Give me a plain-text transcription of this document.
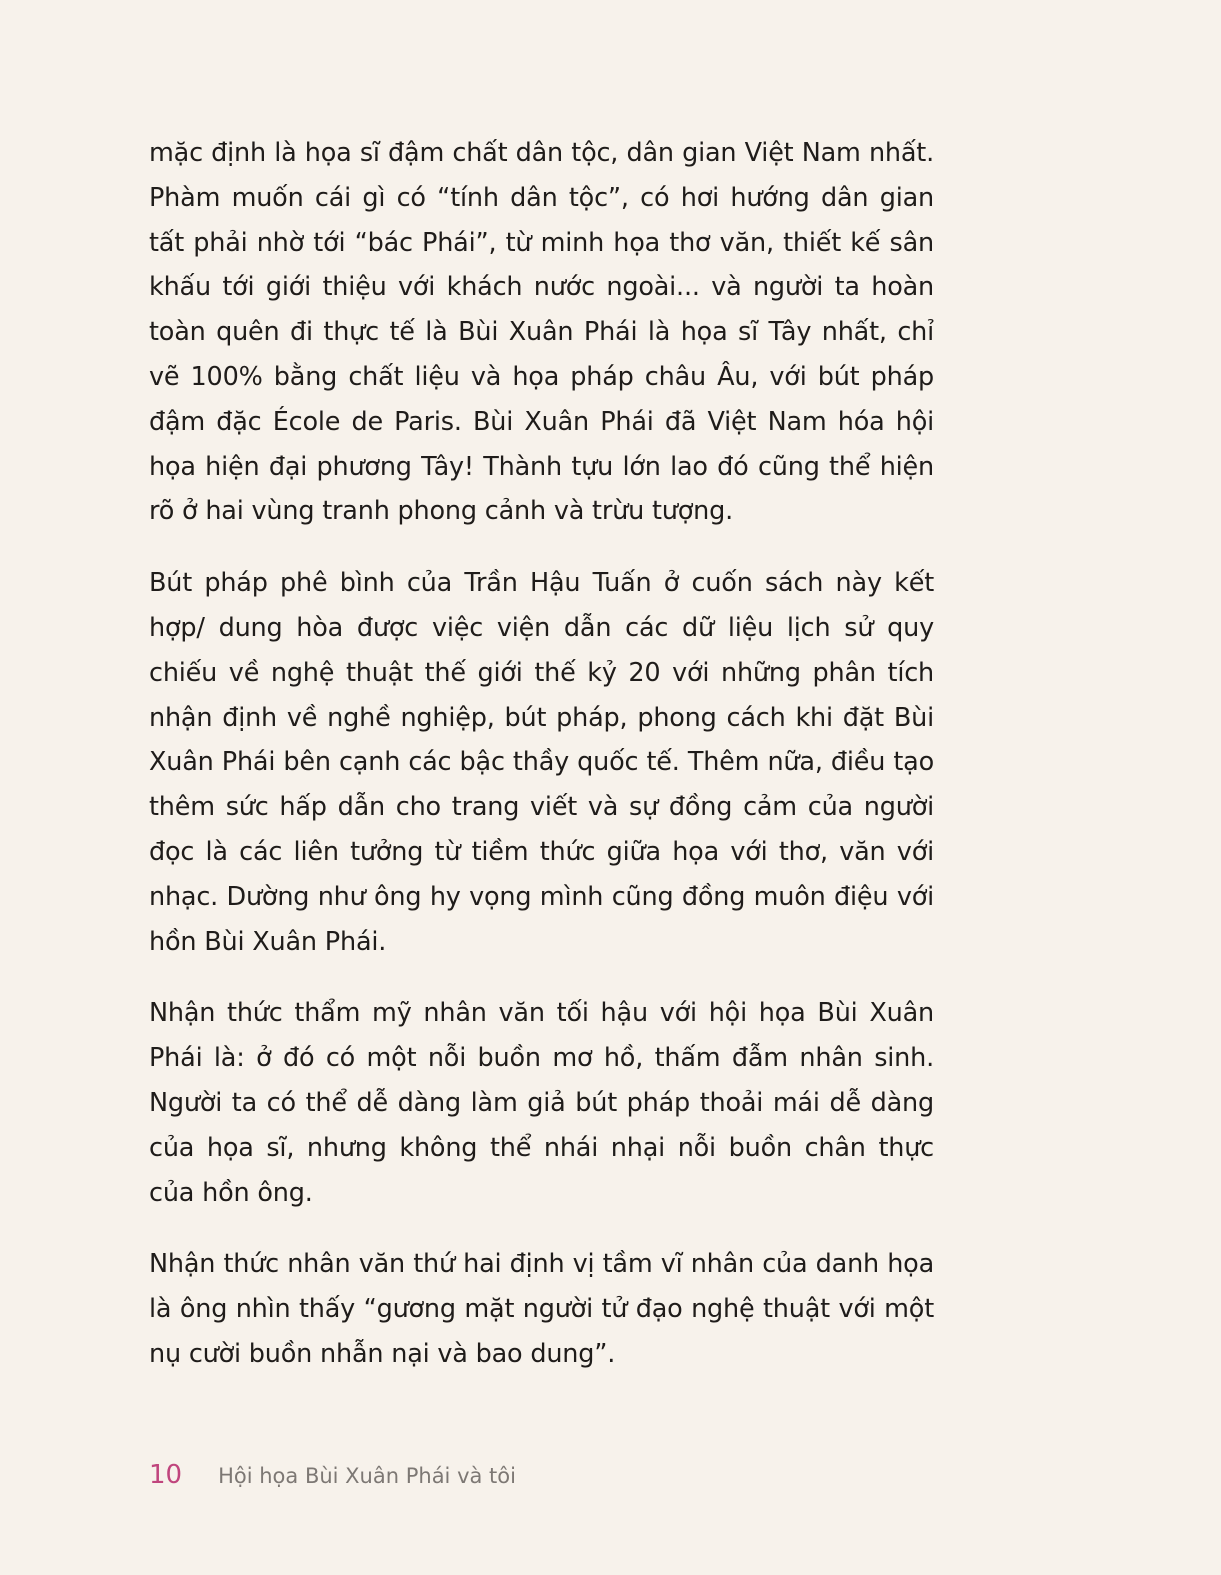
mặc định là họa sĩ đậm chất dân tộc, dân gian Việt Nam nhất. Phàm muốn cái gì có “tính dân tộc”, có hơi hướng dân gian tất phải nhờ tới “bác Phái”, từ minh họa thơ văn, thiết kế sân khấu tới giới thiệu với khách nước ngoài... và người ta hoàn toàn quên đi thực tế là Bùi Xuân Phái là họa sĩ Tây nhất, chỉ vẽ 100% bằng chất liệu và họa pháp châu Âu, với bút pháp đậm đặc École de Paris. Bùi Xuân Phái đã Việt Nam hóa hội họa hiện đại phương Tây! Thành tựu lớn lao đó cũng thể hiện rõ ở hai vùng tranh phong cảnh và trừu tượng.

Bút pháp phê bình của Trần Hậu Tuấn ở cuốn sách này kết hợp/ dung hòa được việc viện dẫn các dữ liệu lịch sử quy chiếu về nghệ thuật thế giới thế kỷ 20 với những phân tích nhận định về nghề nghiệp, bút pháp, phong cách khi đặt Bùi Xuân Phái bên cạnh các bậc thầy quốc tế. Thêm nữa, điều tạo thêm sức hấp dẫn cho trang viết và sự đồng cảm của người đọc là các liên tưởng từ tiềm thức giữa họa với thơ, văn với nhạc. Dường như ông hy vọng mình cũng đồng muôn điệu với hồn Bùi Xuân Phái.

Nhận thức thẩm mỹ nhân văn tối hậu với hội họa Bùi Xuân Phái là: ở đó có một nỗi buồn mơ hồ, thấm đẫm nhân sinh. Người ta có thể dễ dàng làm giả bút pháp thoải mái dễ dàng của họa sĩ, nhưng không thể nhái nhại nỗi buồn chân thực của hồn ông.

Nhận thức nhân văn thứ hai định vị tầm vĩ nhân của danh họa là ông nhìn thấy “gương mặt người tử đạo nghệ thuật với một nụ cười buồn nhẫn nại và bao dung”.

10 Hội họa Bùi Xuân Phái và tôi
